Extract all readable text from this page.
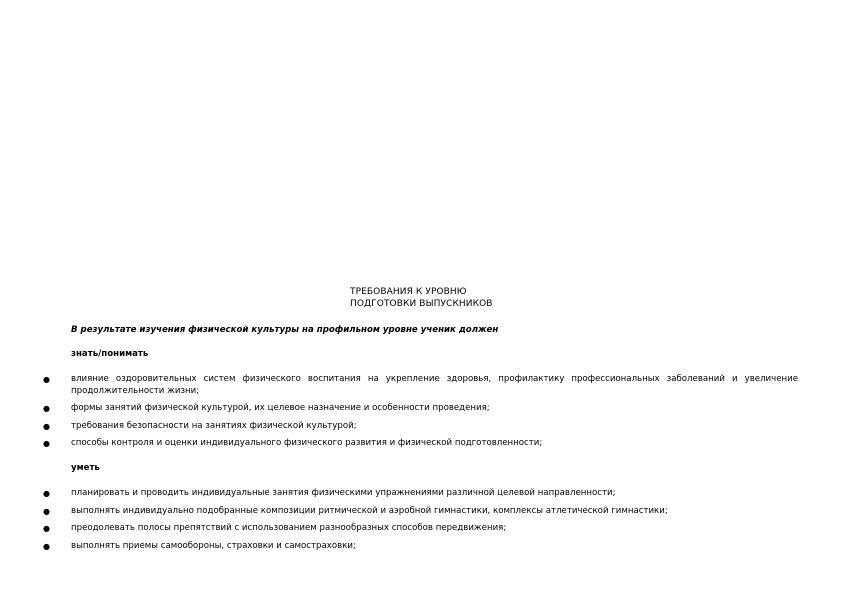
ТРЕБОВАНИЯ К УРОВНЮ
ПОДГОТОВКИ ВЫПУСКНИКОВ
В результате изучения физической культуры на профильном уровне ученик должен
знать/понимать
● влияние оздоровительных систем физического воспитания на укрепление здоровья, профилактику профессиональных заболеваний и увеличение продолжительности жизни;
● формы занятий физической культурой, их целевое назначение и особенности проведения;
● требования безопасности на занятиях физической культурой;
● способы контроля и оценки индивидуального физического развития и физической подготовленности;
уметь
● планировать и проводить индивидуальные занятия физическими упражнениями различной целевой направленности;
● выполнять индивидуально подобранные композиции ритмической и аэробной гимнастики, комплексы атлетической гимнастики;
● преодолевать полосы препятствий с использованием разнообразных способов передвижения;
● выполнять приемы самообороны, страховки и самостраховки;
